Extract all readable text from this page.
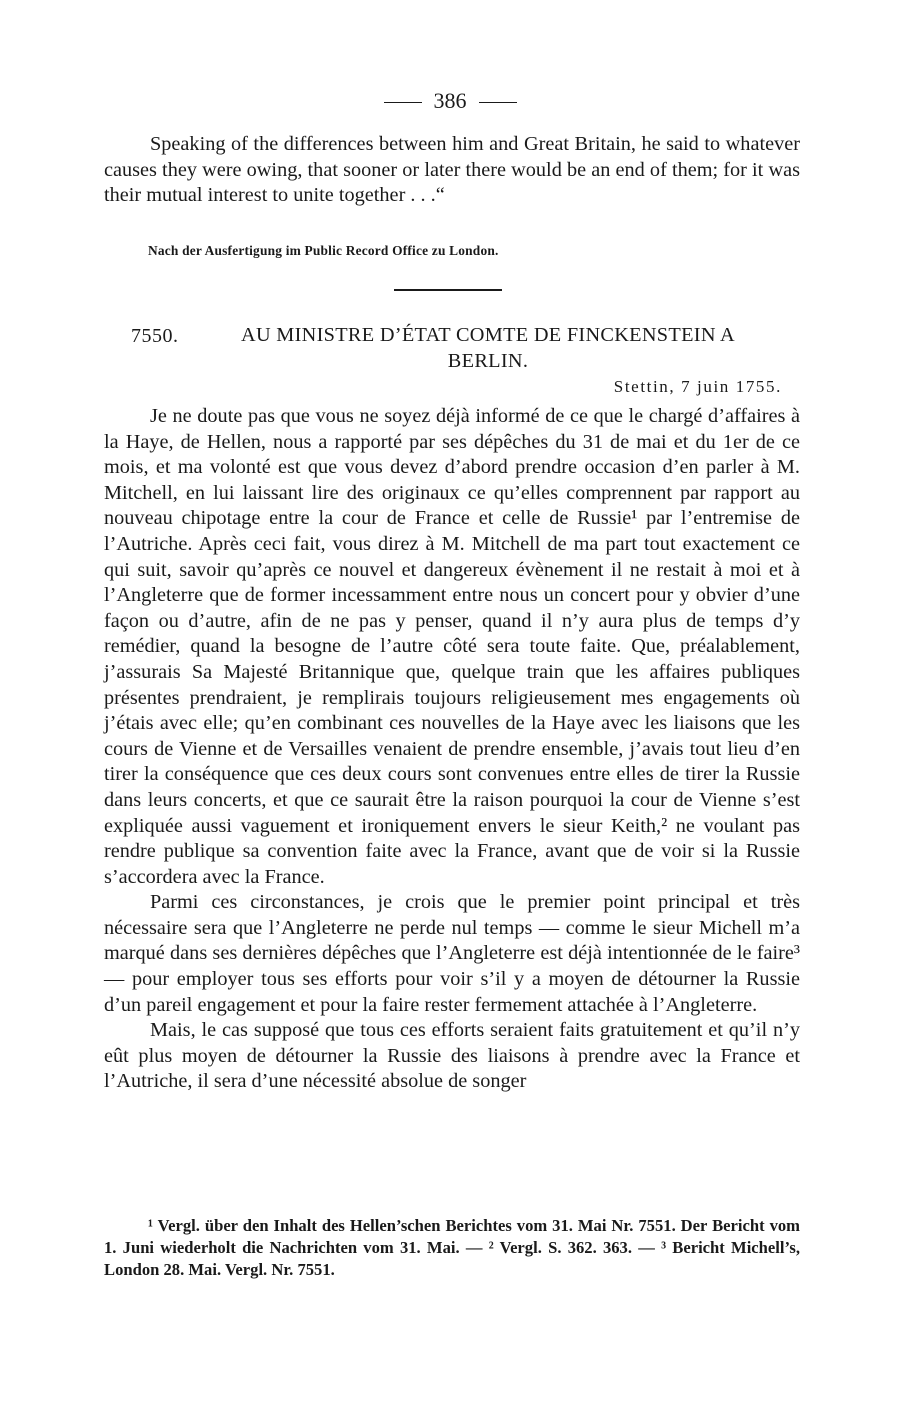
386

Speaking of the differences between him and Great Britain, he said to whatever causes they were owing, that sooner or later there would be an end of them; for it was their mutual interest to unite together . . .“

Nach der Ausfertigung im Public Record Office zu London.
7550.	AU MINISTRE D’ÉTAT COMTE DE FINCKENSTEIN A BERLIN.
Stettin, 7 juin 1755.

Je ne doute pas que vous ne soyez déjà informé de ce que le chargé d’affaires à la Haye, de Hellen, nous a rapporté par ses dépêches du 31 de mai et du 1er de ce mois, et ma volonté est que vous devez d’abord prendre occasion d’en parler à M. Mitchell, en lui laissant lire des originaux ce qu’elles comprennent par rapport au nouveau chipotage entre la cour de France et celle de Russie¹ par l’entremise de l’Autriche. Après ceci fait, vous direz à M. Mitchell de ma part tout exactement ce qui suit, savoir qu’après ce nouvel et dangereux évènement il ne restait à moi et à l’Angleterre que de former incessamment entre nous un concert pour y obvier d’une façon ou d’autre, afin de ne pas y penser, quand il n’y aura plus de temps d’y remédier, quand la besogne de l’autre côté sera toute faite. Que, préalablement, j’assurais Sa Majesté Britannique que, quelque train que les affaires publiques présentes prendraient, je remplirais toujours religieusement mes engagements où j’étais avec elle; qu’en combinant ces nouvelles de la Haye avec les liaisons que les cours de Vienne et de Versailles venaient de prendre ensemble, j’avais tout lieu d’en tirer la conséquence que ces deux cours sont convenues entre elles de tirer la Russie dans leurs concerts, et que ce saurait être la raison pourquoi la cour de Vienne s’est expliquée aussi vaguement et ironiquement envers le sieur Keith,² ne voulant pas rendre publique sa convention faite avec la France, avant que de voir si la Russie s’accordera avec la France.

Parmi ces circonstances, je crois que le premier point principal et très nécessaire sera que l’Angleterre ne perde nul temps — comme le sieur Michell m’a marqué dans ses dernières dépêches que l’Angleterre est déjà intentionnée de le faire³ — pour employer tous ses efforts pour voir s’il y a moyen de détourner la Russie d’un pareil engagement et pour la faire rester fermement attachée à l’Angleterre.

Mais, le cas supposé que tous ces efforts seraient faits gratuitement et qu’il n’y eût plus moyen de détourner la Russie des liaisons à prendre avec la France et l’Autriche, il sera d’une nécessité absolue de songer

¹ Vergl. über den Inhalt des Hellen’schen Berichtes vom 31. Mai Nr. 7551. Der Bericht vom 1. Juni wiederholt die Nachrichten vom 31. Mai. — ² Vergl. S. 362. 363. — ³ Bericht Michell’s, London 28. Mai. Vergl. Nr. 7551.
